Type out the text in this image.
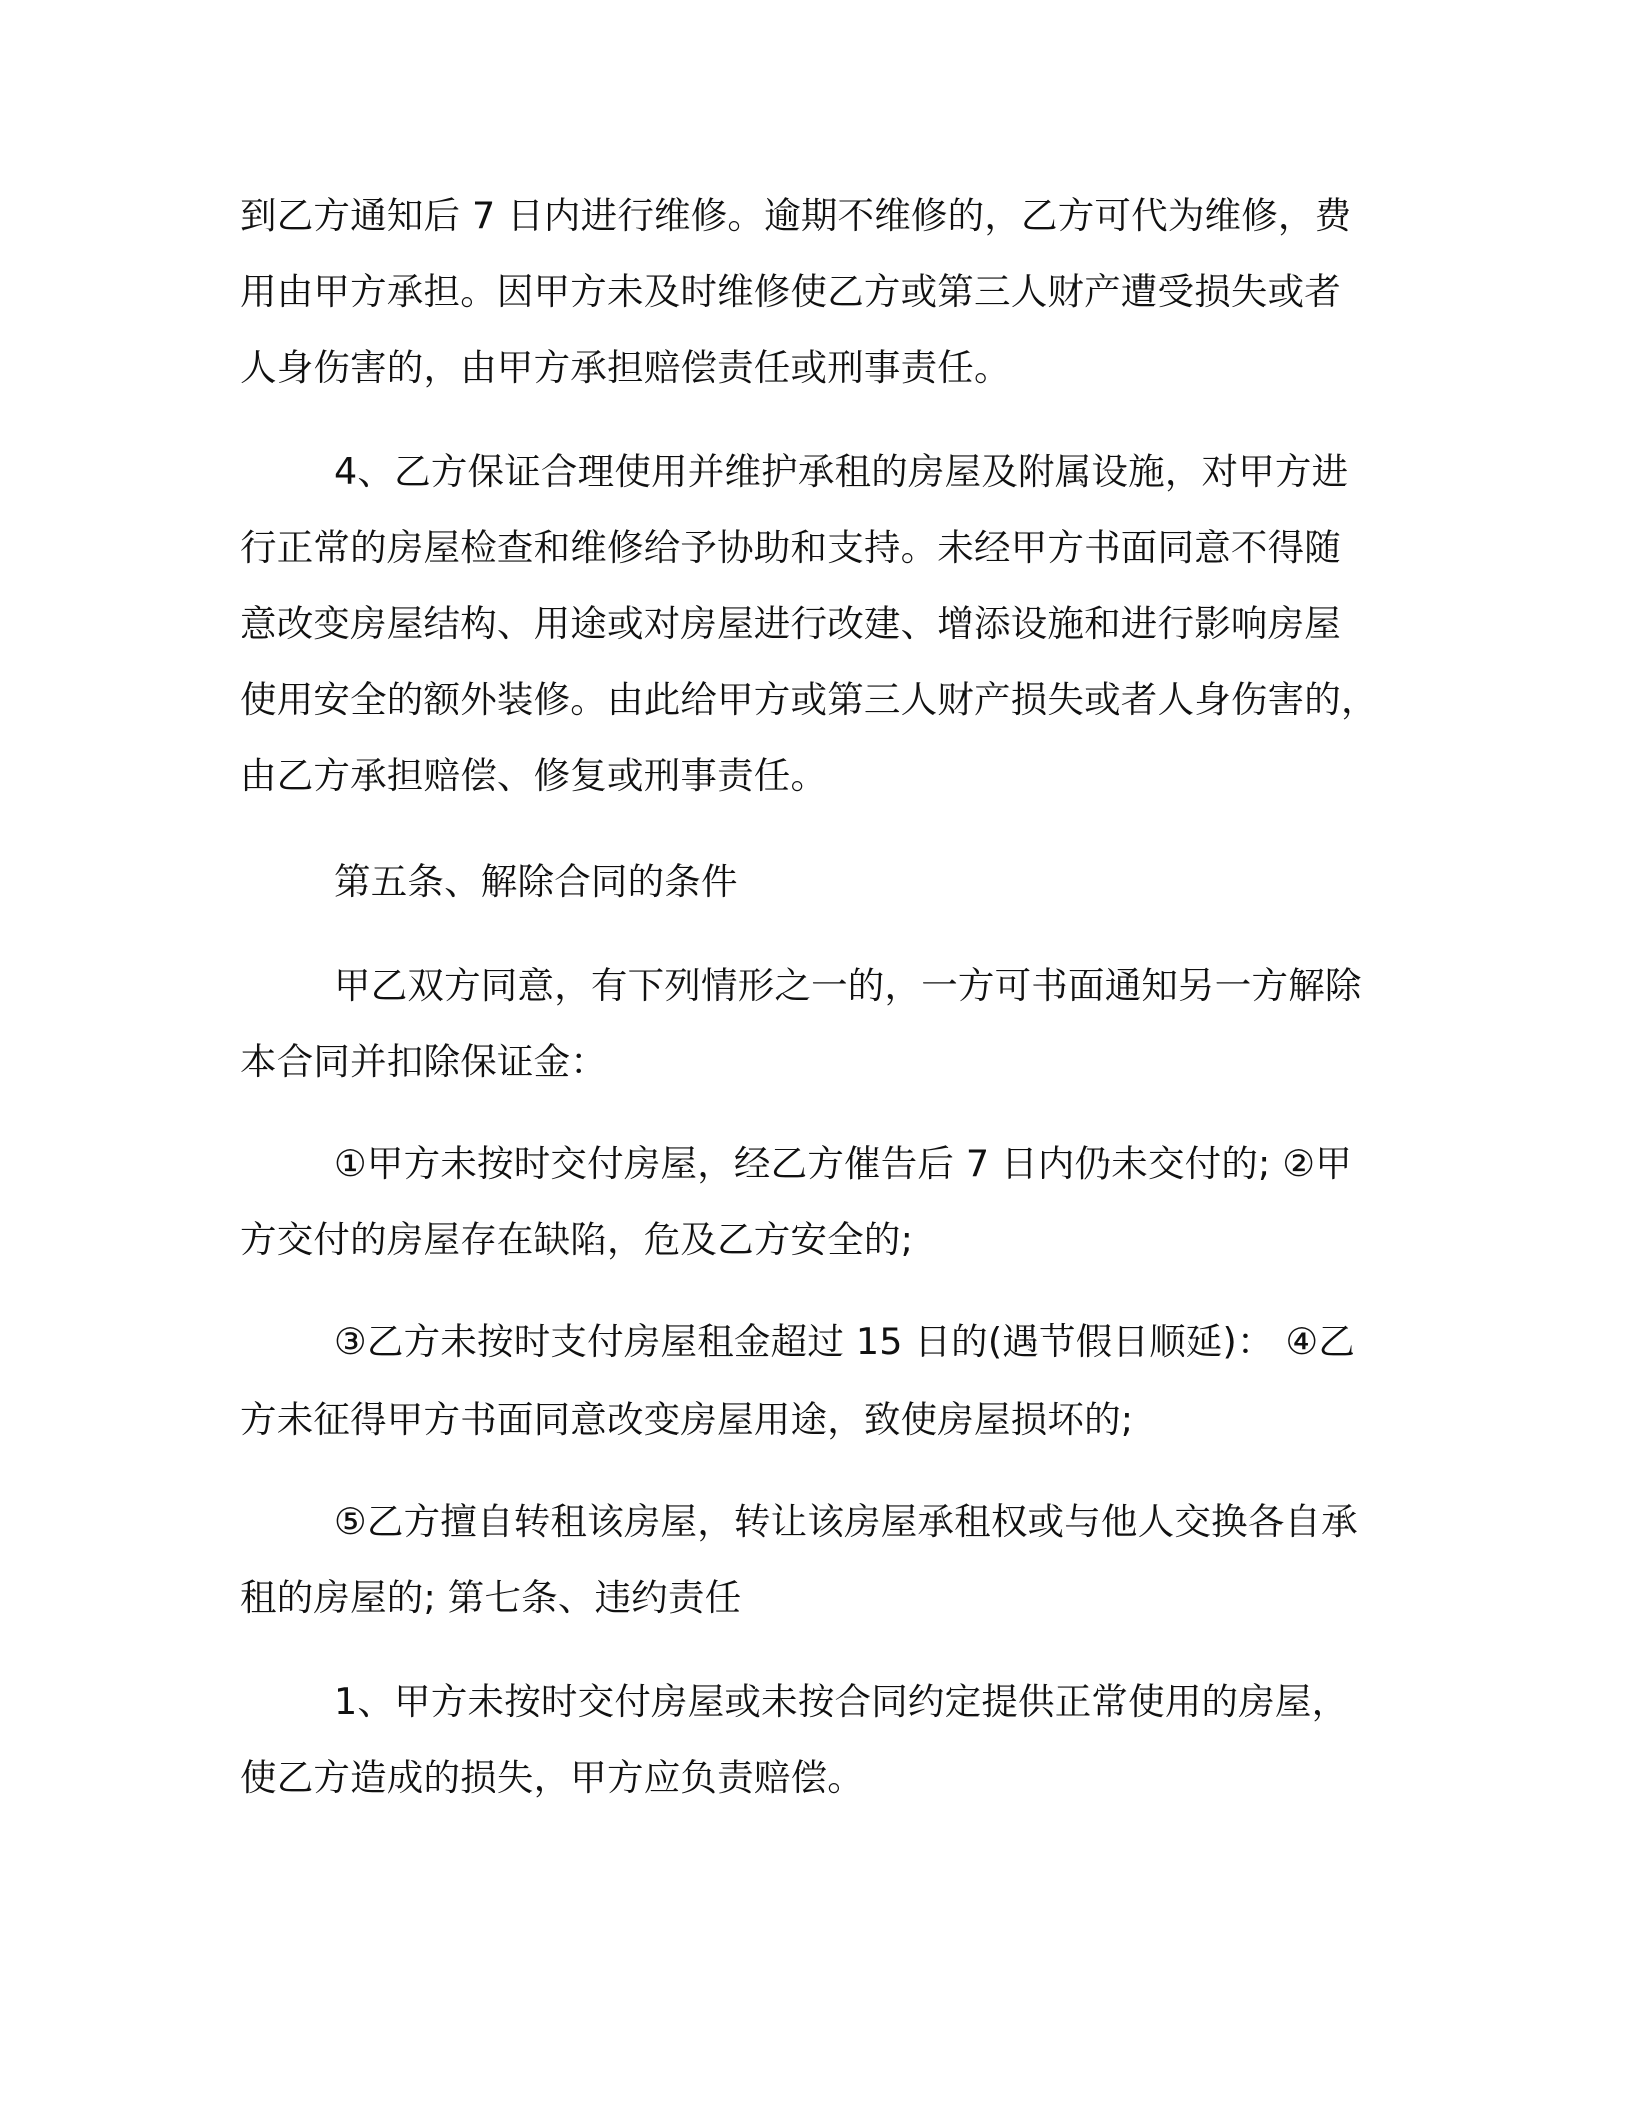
到乙方通知后 7 日内进行维修。逾期不维修的，乙方可代为维修，费

用由甲方承担。因甲方未及时维修使乙方或第三人财产遭受损失或者

人身伤害的，由甲方承担赔偿责任或刑事责任。

4、乙方保证合理使用并维护承租的房屋及附属设施，对甲方进

行正常的房屋检查和维修给予协助和支持。未经甲方书面同意不得随

意改变房屋结构、用途或对房屋进行改建、增添设施和进行影响房屋

使用安全的额外装修。由此给甲方或第三人财产损失或者人身伤害的，

由乙方承担赔偿、修复或刑事责任。

第五条、解除合同的条件

甲乙双方同意，有下列情形之一的，一方可书面通知另一方解除

本合同并扣除保证金：

①甲方未按时交付房屋，经乙方催告后 7 日内仍未交付的; ②甲

方交付的房屋存在缺陷，危及乙方安全的;

③乙方未按时支付房屋租金超过 15 日的(遇节假日顺延)： ④乙

方未征得甲方书面同意改变房屋用途，致使房屋损坏的;

⑤乙方擅自转租该房屋，转让该房屋承租权或与他人交换各自承

租的房屋的; 第七条、违约责任

1、甲方未按时交付房屋或未按合同约定提供正常使用的房屋，

使乙方造成的损失，甲方应负责赔偿。
